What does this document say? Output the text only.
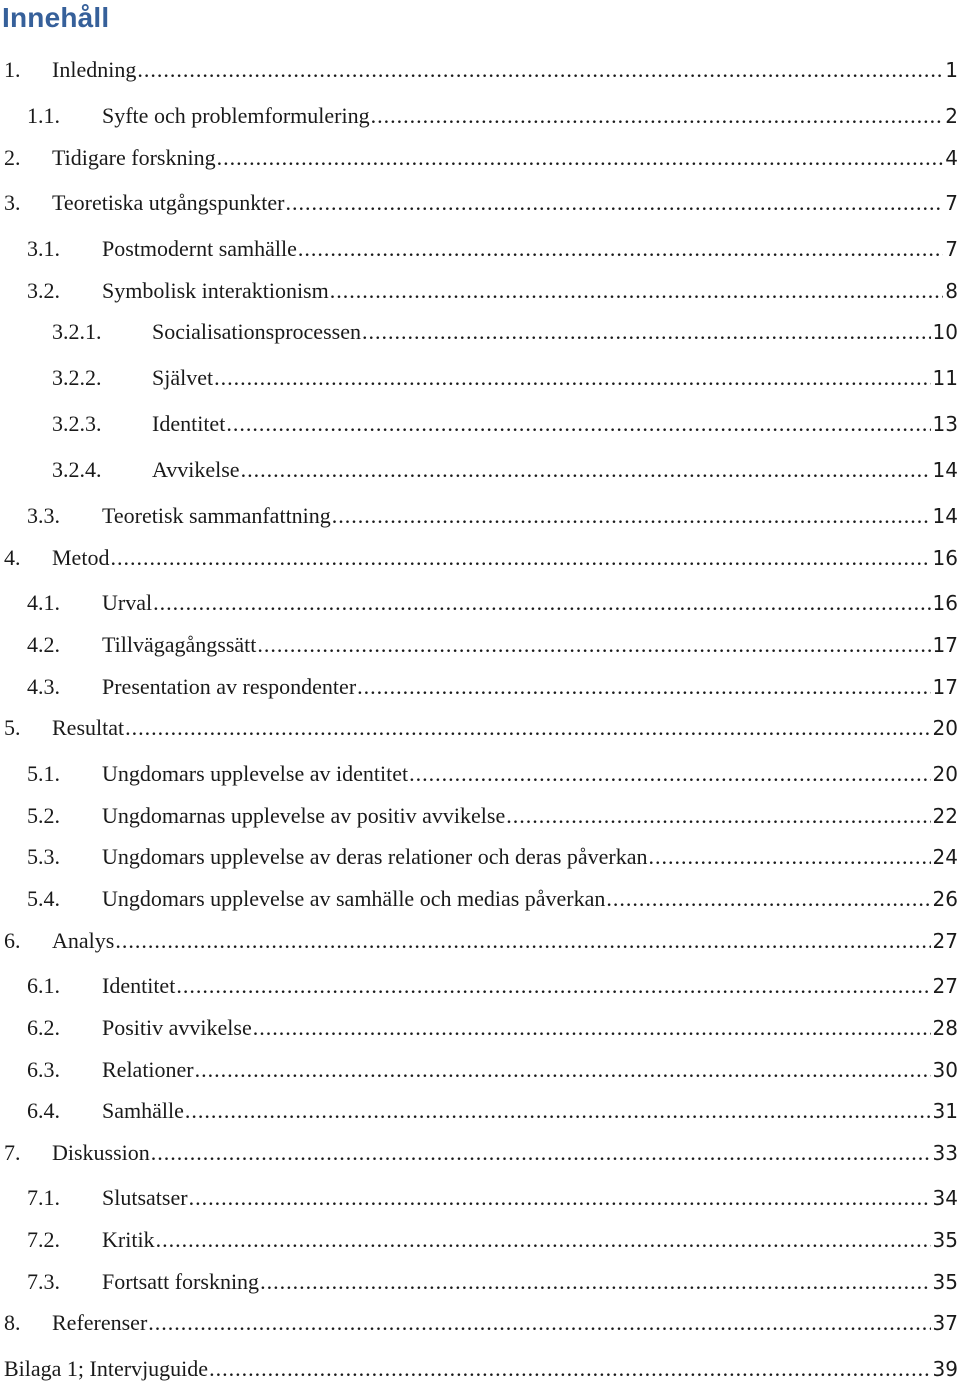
Innehåll
1. Inledning .....	1
1.1. Syfte och problemformulering .....	2
2. Tidigare forskning .....	4
3. Teoretiska utgångspunkter .....	7
3.1. Postmodernt samhälle .....	7
3.2. Symbolisk interaktionism .....	8
3.2.1. Socialisationsprocessen .....	10
3.2.2. Självet .....	11
3.2.3. Identitet .....	13
3.2.4. Avvikelse .....	14
3.3. Teoretisk sammanfattning .....	14
4. Metod .....	16
4.1. Urval .....	16
4.2. Tillvägagångssätt .....	17
4.3. Presentation av respondenter .....	17
5. Resultat .....	20
5.1. Ungdomars upplevelse av identitet .....	20
5.2. Ungdomarnas upplevelse av positiv avvikelse .....	22
5.3. Ungdomars upplevelse av deras relationer och deras påverkan .....	24
5.4. Ungdomars upplevelse av samhälle och medias påverkan .....	26
6. Analys .....	27
6.1. Identitet .....	27
6.2. Positiv avvikelse .....	28
6.3. Relationer .....	30
6.4. Samhälle .....	31
7. Diskussion .....	33
7.1. Slutsatser .....	34
7.2. Kritik .....	35
7.3. Fortsatt forskning .....	35
8. Referenser .....	37
Bilaga 1; Intervjuguide .....	39
